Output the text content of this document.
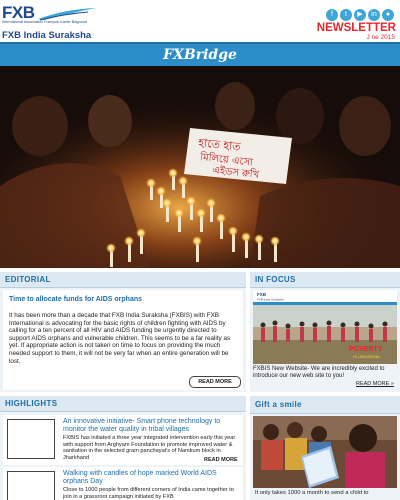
FXB
International Association François-Xavier Bagnoud
FXB India Suraksha
f	t	▶	in	●
NEWSLETTER
J ne 2015
FXBridge
হাতে হাত
মিলিয়ে এসো
এইডস রুখি
EDITORIAL
Time to allocate funds for AIDS orphans
It has been more than a decade that FXB India Suraksha (FXBIS) with FXB International is advocating for the basic rights of children fighting with AIDS by calling for a ten percent of all HIV and AIDS funding be urgently directed to support AIDS orphans and vulnerable children. This seems to be a far reality as yet. If appropriate action is not taken on time to focus on providing the much needed support to them, it will not be very far when an entire generation will be lost.
READ MORE
IN FOCUS
FXB
FXB India Suraksha
POVERTY
IS UNIVERSAL
FXBIS New Website- We are incredibly excited to introduce our new web site to you!
READ MORE »
HIGHLIGHTS
An innovative initiative- Smart phone technology to monitor the water quality in tribal villages
FXBIS has initiated a three year integrated intervention early this year with support from Arghyam Foundation to promote improved water & sanitation in the selected gram panchayat's of Namkum block in Jharkhand	READ MORE
Walking with candles of hope marked World AIDS orphans Day
Close to 1000 people from different corners of India came together to join in a grassroot campaign initiated by FXB
Gift a smile
It only takes 1000 a month to send a child to
